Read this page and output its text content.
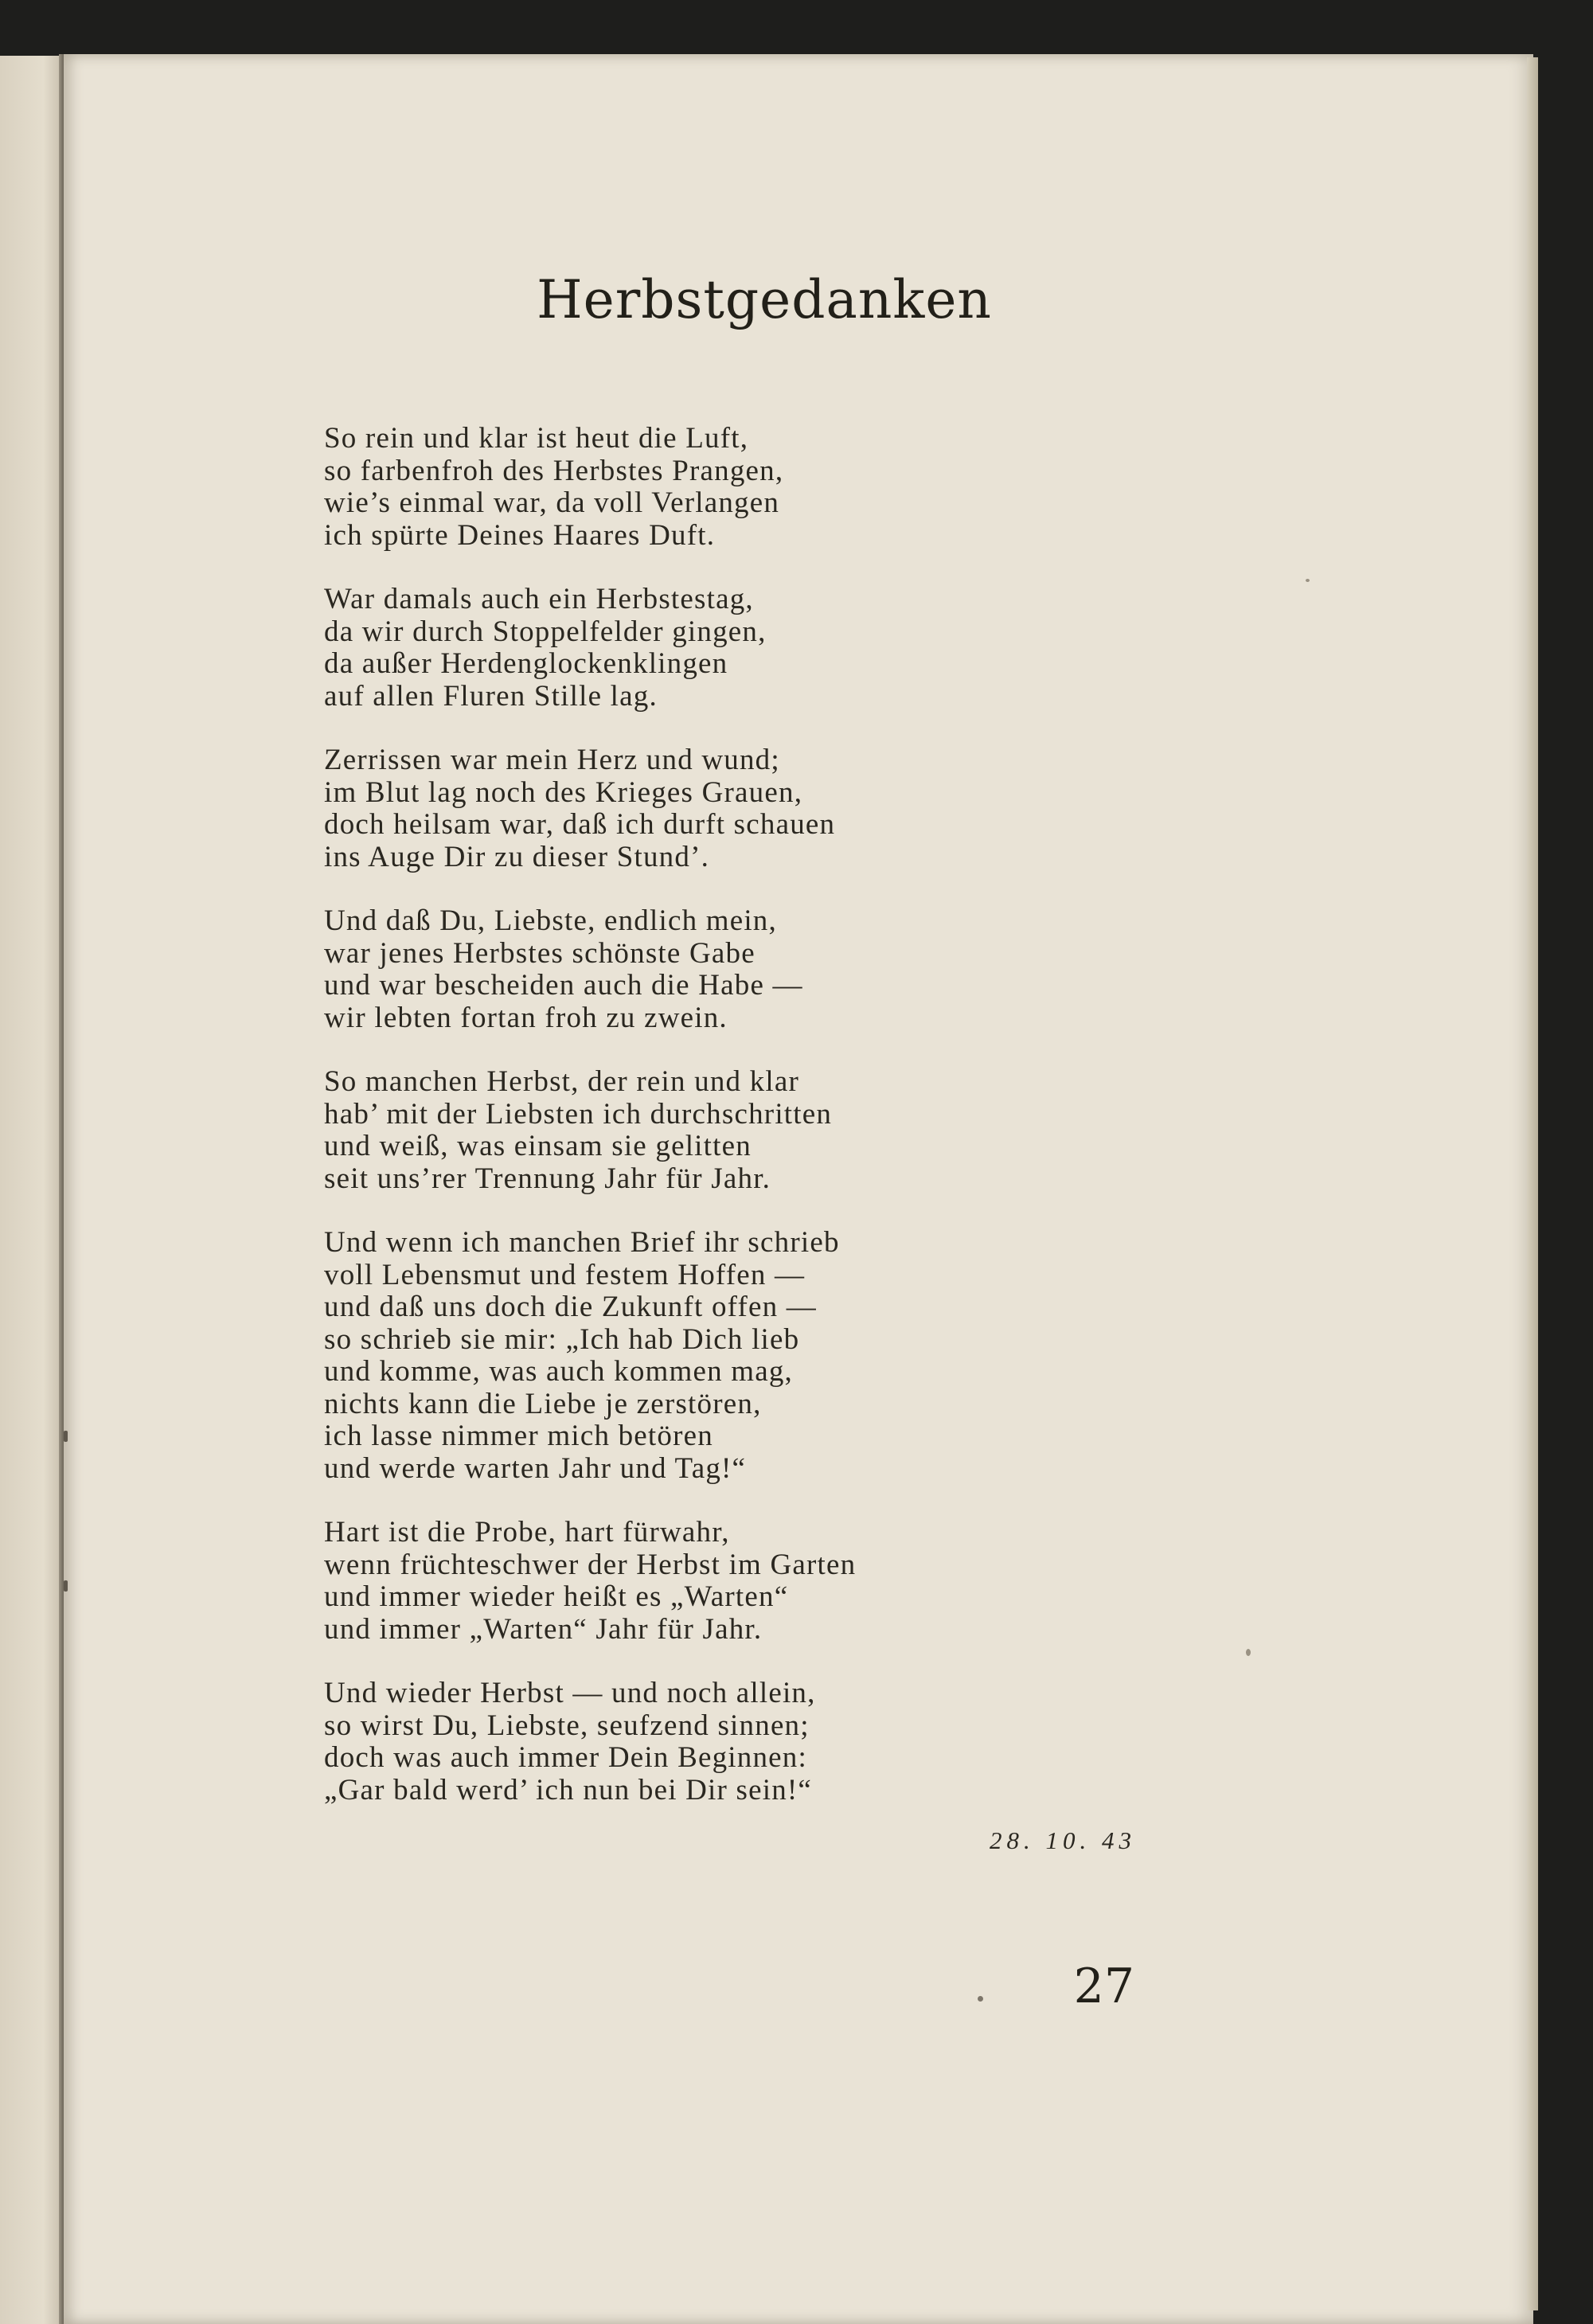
Herbstgedanken
So rein und klar ist heut die Luft,
so farbenfroh des Herbstes Prangen,
wie’s einmal war, da voll Verlangen
ich spürte Deines Haares Duft.
War damals auch ein Herbstestag,
da wir durch Stoppelfelder gingen,
da außer Herdenglockenklingen
auf allen Fluren Stille lag.
Zerrissen war mein Herz und wund;
im Blut lag noch des Krieges Grauen,
doch heilsam war, daß ich durft schauen
ins Auge Dir zu dieser Stund’.
Und daß Du, Liebste, endlich mein,
war jenes Herbstes schönste Gabe
und war bescheiden auch die Habe —
wir lebten fortan froh zu zwein.
So manchen Herbst, der rein und klar
hab’ mit der Liebsten ich durchschritten
und weiß, was einsam sie gelitten
seit uns’rer Trennung Jahr für Jahr.
Und wenn ich manchen Brief ihr schrieb
voll Lebensmut und festem Hoffen —
und daß uns doch die Zukunft offen —
so schrieb sie mir: „Ich hab Dich lieb
und komme, was auch kommen mag,
nichts kann die Liebe je zerstören,
ich lasse nimmer mich betören
und werde warten Jahr und Tag!“
Hart ist die Probe, hart fürwahr,
wenn früchteschwer der Herbst im Garten
und immer wieder heißt es „Warten“
und immer „Warten“ Jahr für Jahr.
Und wieder Herbst — und noch allein,
so wirst Du, Liebste, seufzend sinnen;
doch was auch immer Dein Beginnen:
„Gar bald werd’ ich nun bei Dir sein!“
28. 10. 43
27
